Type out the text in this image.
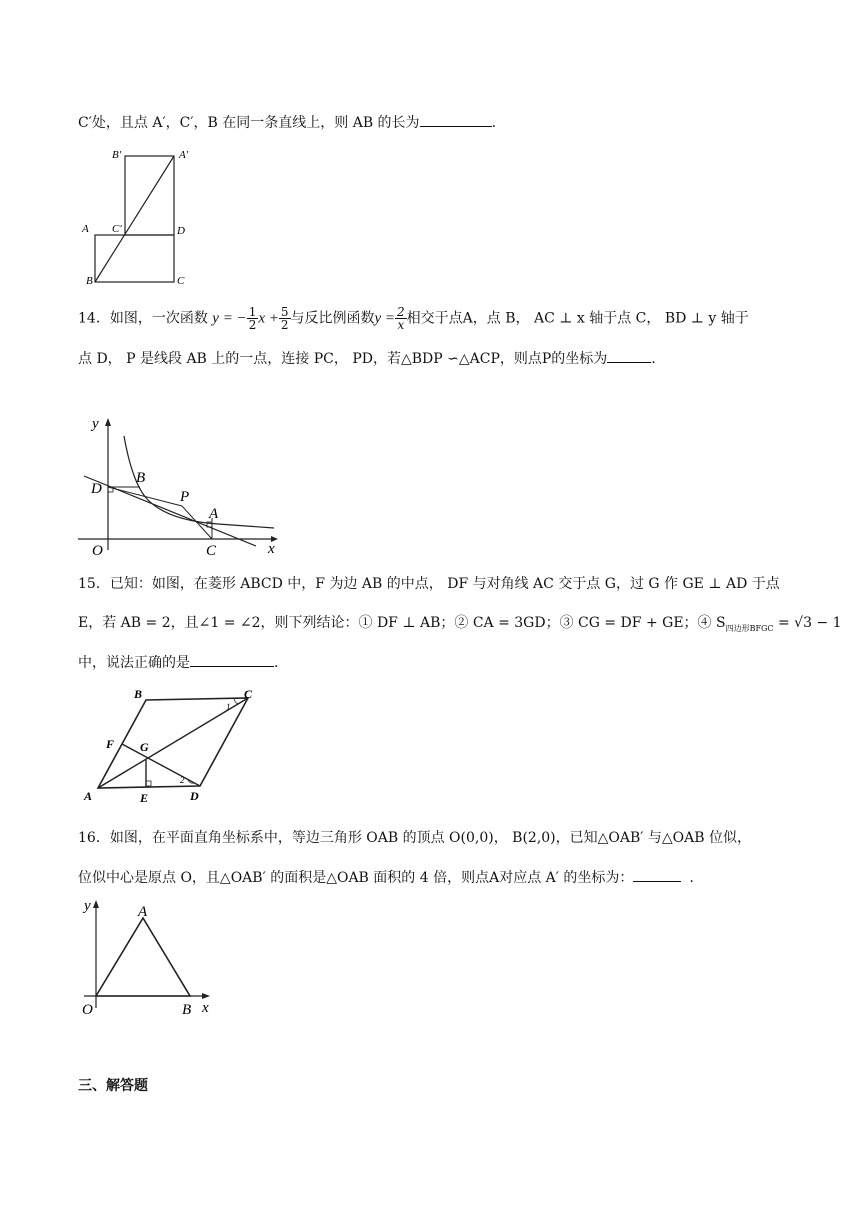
C′处，且点 A′，C′，B 在同一条直线上，则 AB 的长为	.
B′	A′
A C′	D
B	C
14．如图，一次函数 y = − $\frac{1}{2}$ $x + \frac{5}{2}$ 与反比例函数$y = \frac{2}{x}$ 相交于点A，点 B， AC ⊥ x 轴于点 C， BD ⊥ y 轴于
点 D， P 是线段 AB 上的一点，连接 PC， PD，若△BDP ∽△ACP，则点P的坐标为	.
y
x
O
D
B
P
A
C
15．已知：如图，在菱形 ABCD 中，F 为边 AB 的中点， DF 与对角线 AC 交于点 G，过 G 作 GE ⊥ AD 于点
E，若 AB = 2，且∠1 = ∠2，则下列结论：① DF ⊥ AB；② CA = 3GD；③ CG = DF + GE；④ $S_{四边形BFGC} = √3 - 1$
中，说法正确的是	.
B	C
F G
A	E	D
1
2
16．如图，在平面直角坐标系中，等边三角形 OAB 的顶点 O(0,0)， B(2,0)，已知△OAB′ 与△OAB 位似，
位似中心是原点 O，且△OAB′ 的面积是△OAB 面积的 4 倍，则点A对应点 A′ 的坐标为：	.
y	A
O	B x
三、解答题
